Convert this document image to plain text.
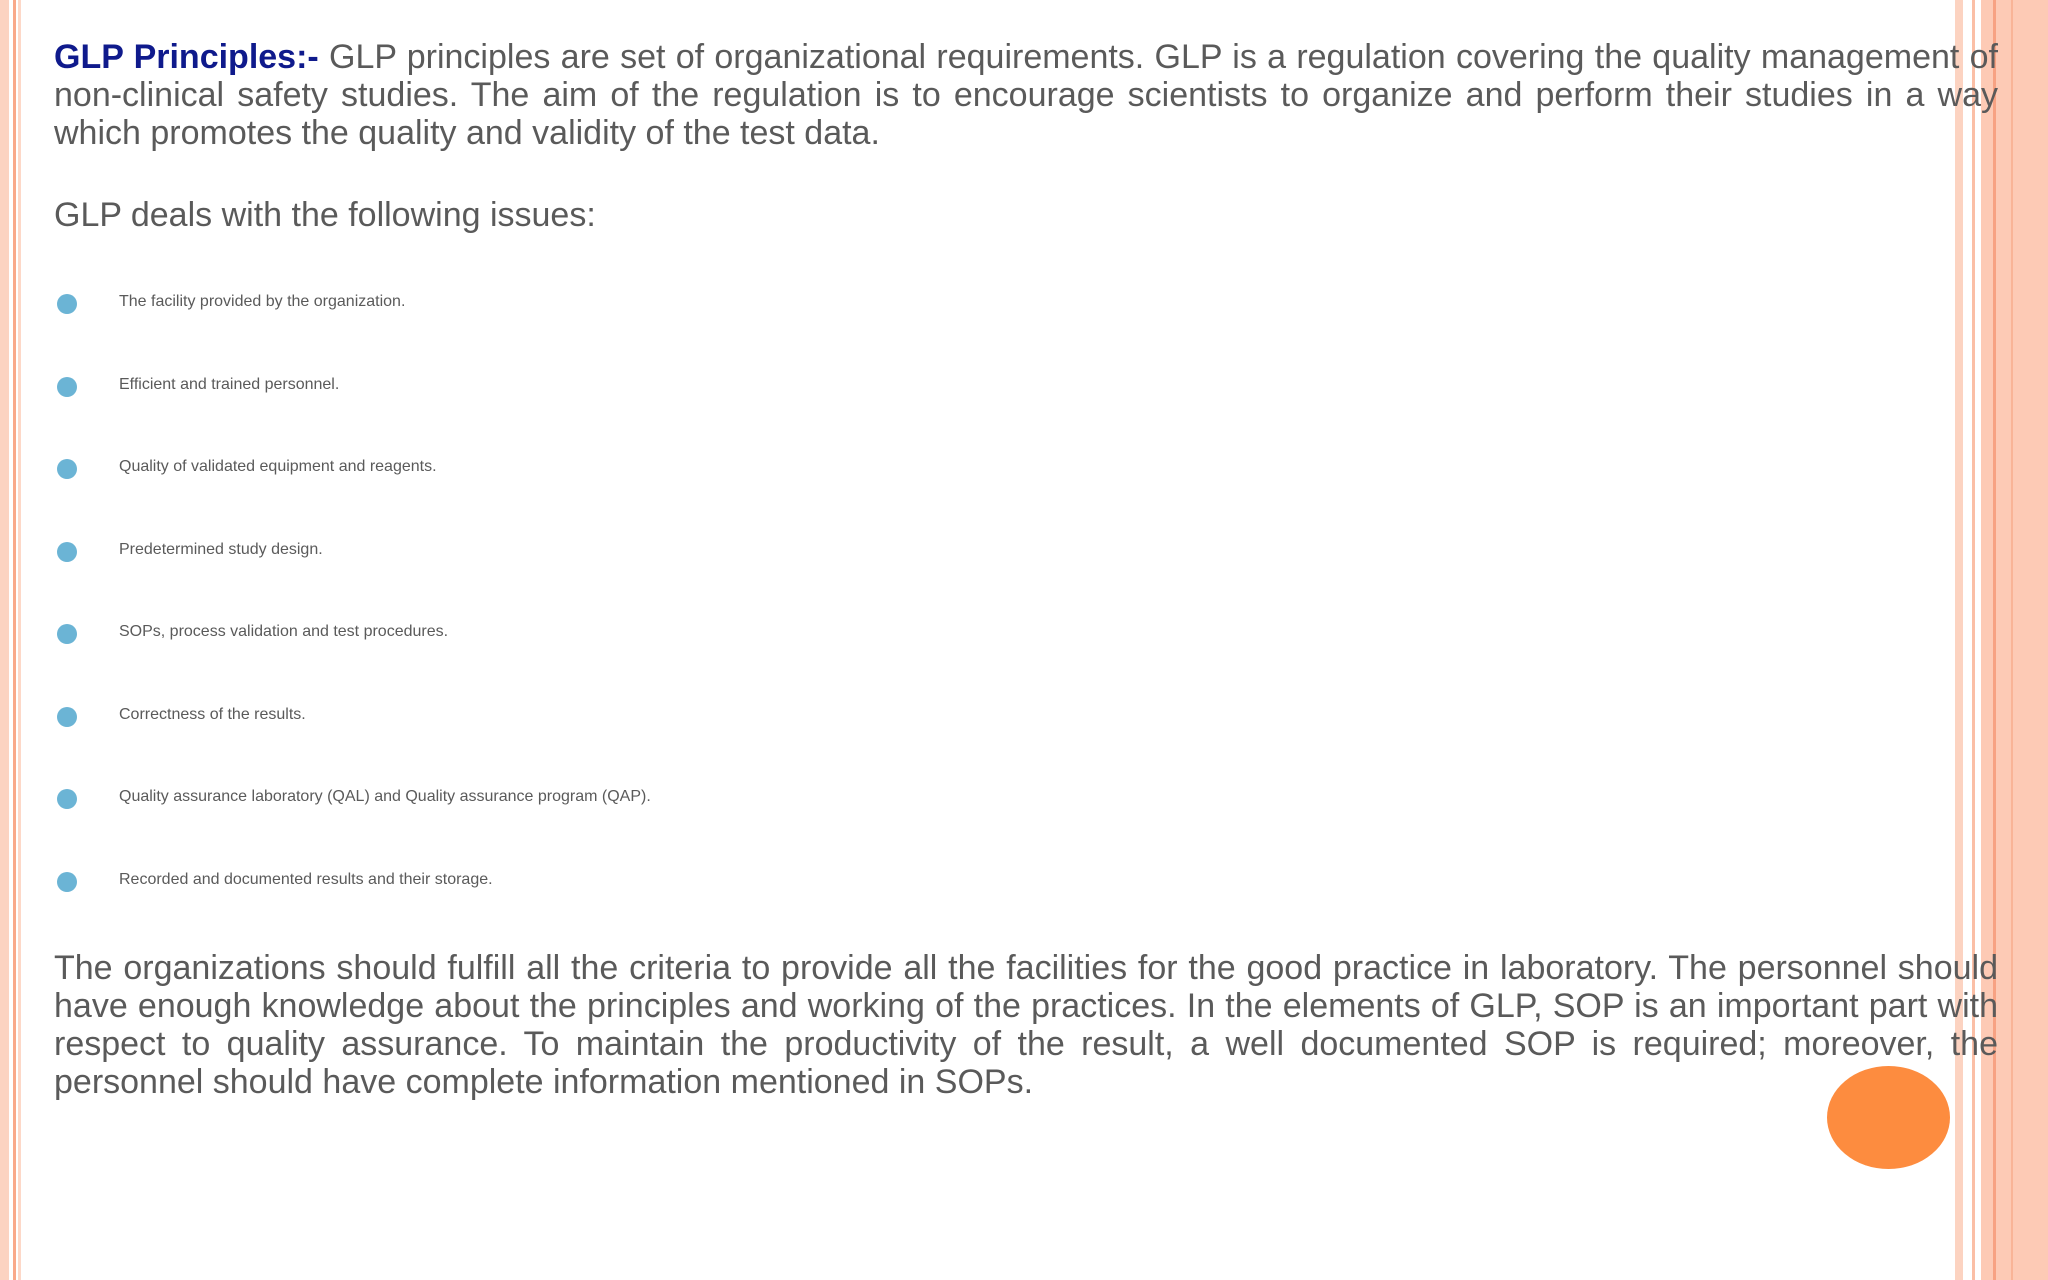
GLP Principles:- GLP principles are set of organizational requirements. GLP is a regulation covering the quality management of non-clinical safety studies. The aim of the regulation is to encourage scientists to organize and perform their studies in a way which promotes the quality and validity of the test data.

GLP deals with the following issues:

The facility provided by the organization.
Efficient and trained personnel.
Quality of validated equipment and reagents.
Predetermined study design.
SOPs, process validation and test procedures.
Correctness of the results.
Quality assurance laboratory (QAL) and Quality assurance program (QAP).
Recorded and documented results and their storage.

The organizations should fulfill all the criteria to provide all the facilities for the good practice in laboratory. The personnel should have enough knowledge about the principles and working of the practices. In the elements of GLP, SOP is an important part with respect to quality assurance. To maintain the productivity of the result, a well documented SOP is required; moreover, the personnel should have complete information mentioned in SOPs.
